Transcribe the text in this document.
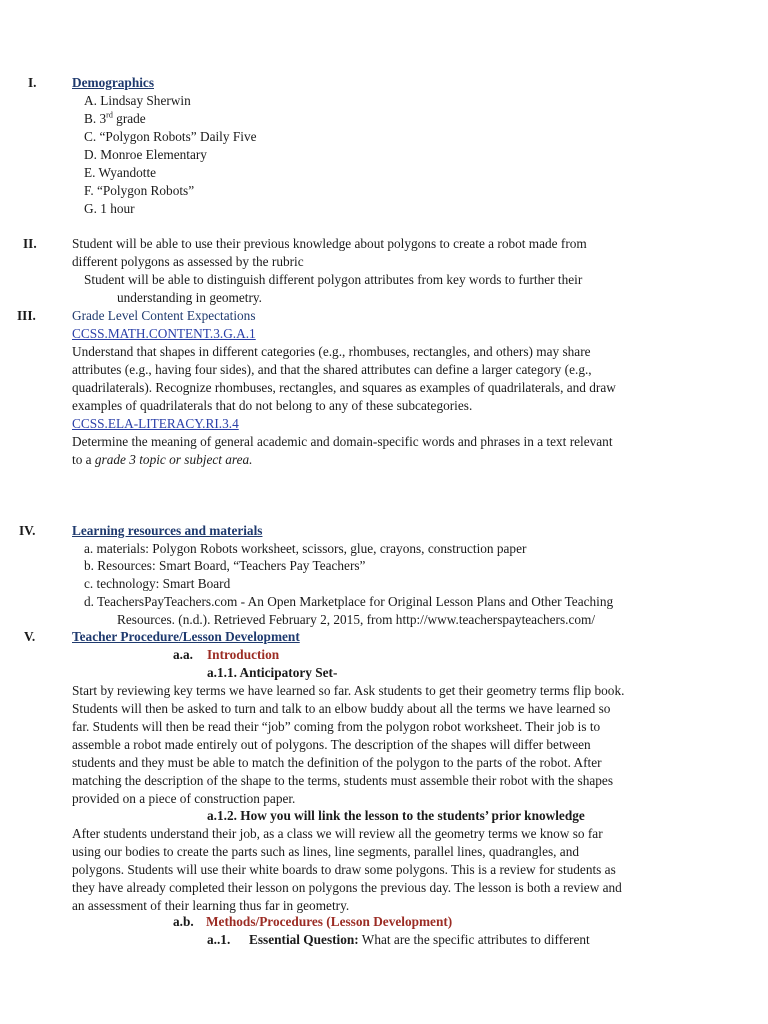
I.	Demographics
A. Lindsay Sherwin
B. 3rd grade
C. “Polygon Robots” Daily Five
D. Monroe Elementary
E. Wyandotte
F. “Polygon Robots”
G. 1 hour
II.	Student will be able to use their previous knowledge about polygons to create a robot made from
different polygons as assessed by the rubric
Student will be able to distinguish different polygon attributes from key words to further their
understanding in geometry.
III.	Grade Level Content Expectations
CCSS.MATH.CONTENT.3.G.A.1
Understand that shapes in different categories (e.g., rhombuses, rectangles, and others) may share
attributes (e.g., having four sides), and that the shared attributes can define a larger category (e.g.,
quadrilaterals). Recognize rhombuses, rectangles, and squares as examples of quadrilaterals, and draw
examples of quadrilaterals that do not belong to any of these subcategories.
CCSS.ELA-LITERACY.RI.3.4
Determine the meaning of general academic and domain-specific words and phrases in a text relevant
to a grade 3 topic or subject area.
IV.	Learning resources and materials
a. materials: Polygon Robots worksheet, scissors, glue, crayons, construction paper
b. Resources: Smart Board, “Teachers Pay Teachers”
c. technology: Smart Board
d. TeachersPayTeachers.com - An Open Marketplace for Original Lesson Plans and Other Teaching
Resources. (n.d.). Retrieved February 2, 2015, from http://www.teacherspayteachers.com/
V.	Teacher Procedure/Lesson Development
a.a. Introduction
a.1.1. Anticipatory Set-
Start by reviewing key terms we have learned so far. Ask students to get their geometry terms flip book.
Students will then be asked to turn and talk to an elbow buddy about all the terms we have learned so
far. Students will then be read their “job” coming from the polygon robot worksheet. Their job is to
assemble a robot made entirely out of polygons. The description of the shapes will differ between
students and they must be able to match the definition of the polygon to the parts of the robot. After
matching the description of the shape to the terms, students must assemble their robot with the shapes
provided on a piece of construction paper.
a.1.2. How you will link the lesson to the students’ prior knowledge
After students understand their job, as a class we will review all the geometry terms we know so far
using our bodies to create the parts such as lines, line segments, parallel lines, quadrangles, and
polygons. Students will use their white boards to draw some polygons. This is a review for students as
they have already completed their lesson on polygons the previous day. The lesson is both a review and
an assessment of their learning thus far in geometry.
a.b. Methods/Procedures (Lesson Development)
a..1. Essential Question: What are the specific attributes to different
